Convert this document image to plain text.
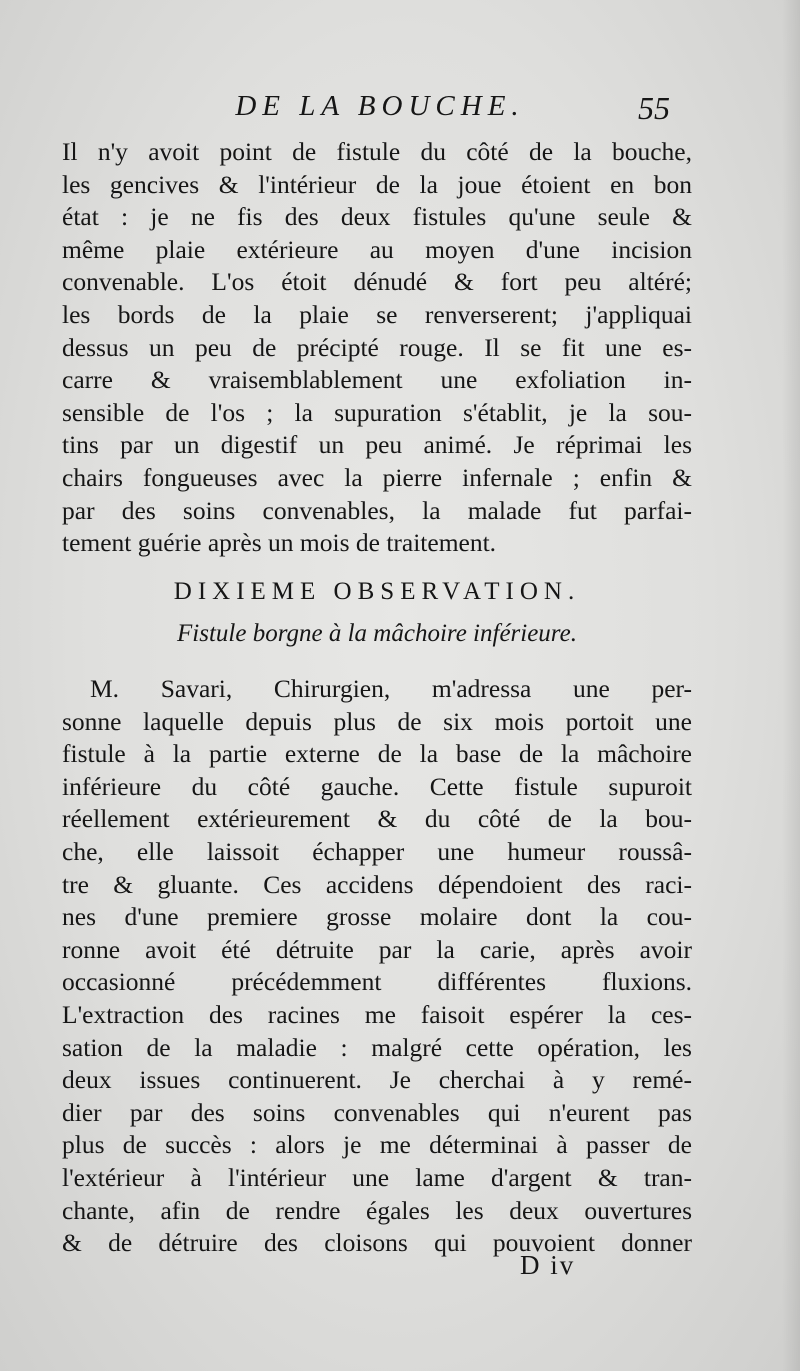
DE LA BOUCHE.	55
Il n'y avoit point de fistule du côté de la bouche,
les gencives & l'intérieur de la joue étoient en bon
état : je ne fis des deux fistules qu'une seule &
même plaie extérieure au moyen d'une incision
convenable. L'os étoit dénudé & fort peu altéré;
les bords de la plaie se renverserent; j'appliquai
dessus un peu de précipté rouge. Il se fit une es-
carre & vraisemblablement une exfoliation in-
sensible de l'os ; la supuration s'établit, je la sou-
tins par un digestif un peu animé. Je réprimai les
chairs fongueuses avec la pierre infernale ; enfin &
par des soins convenables, la malade fut parfai-
tement guérie après un mois de traitement.
DIXIEME OBSERVATION.
Fistule borgne à la mâchoire inférieure.
M. Savari, Chirurgien, m'adressa une per-
sonne laquelle depuis plus de six mois portoit une
fistule à la partie externe de la base de la mâchoire
inférieure du côté gauche. Cette fistule supuroit
réellement extérieurement & du côté de la bou-
che, elle laissoit échapper une humeur roussâ-
tre & gluante. Ces accidens dépendoient des raci-
nes d'une premiere grosse molaire dont la cou-
ronne avoit été détruite par la carie, après avoir
occasionné précédemment différentes fluxions.
L'extraction des racines me faisoit espérer la ces-
sation de la maladie : malgré cette opération, les
deux issues continuerent. Je cherchai à y remé-
dier par des soins convenables qui n'eurent pas
plus de succès : alors je me déterminai à passer de
l'extérieur à l'intérieur une lame d'argent & tran-
chante, afin de rendre égales les deux ouvertures
& de détruire des cloisons qui pouvoient donner
D iv
